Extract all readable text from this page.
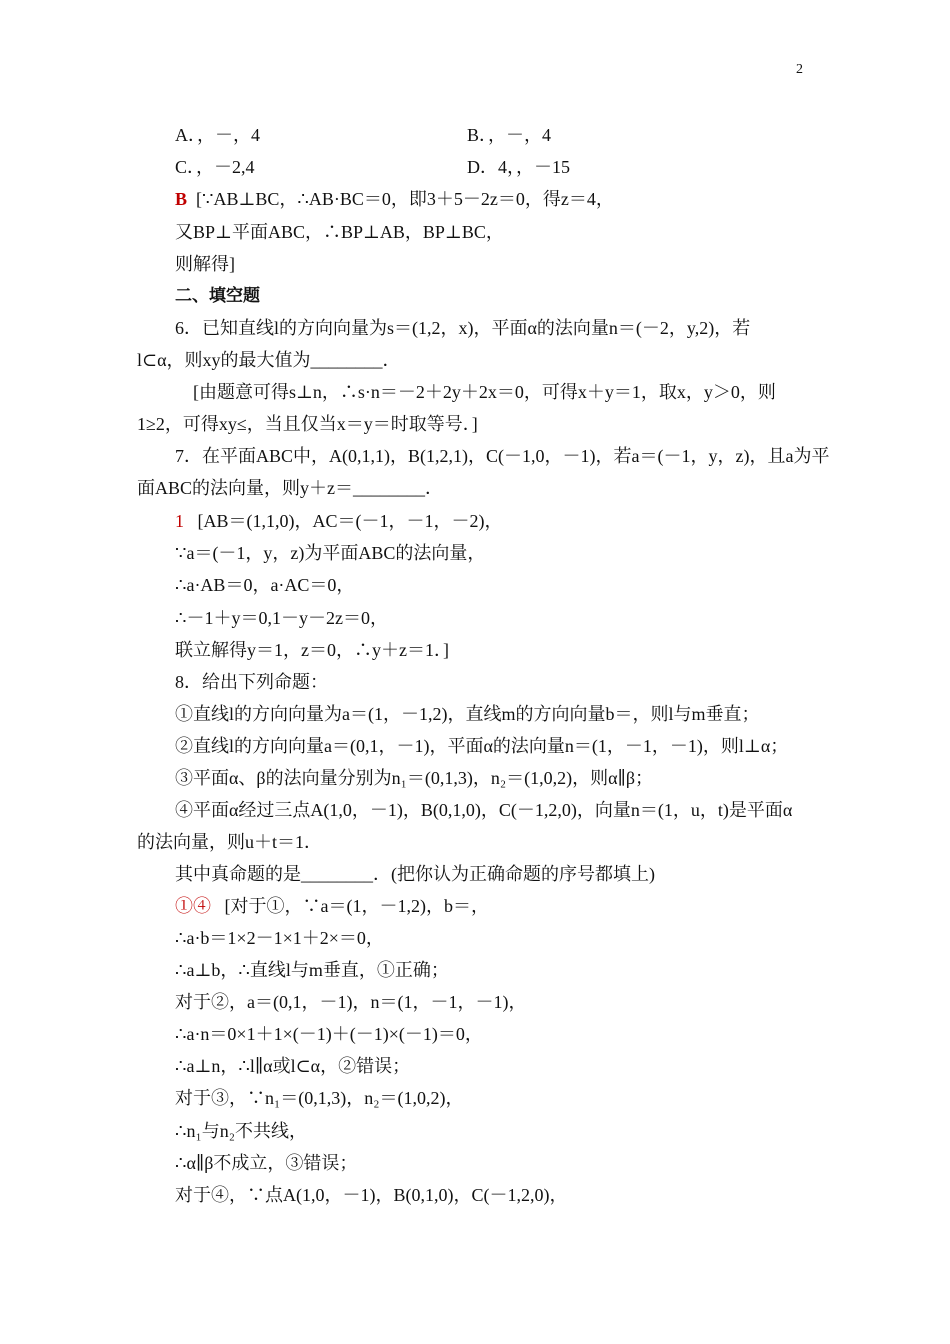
2
A．，－，4	B．，－，4
C．，－2,4	D．4，，－15
B [∵AB⊥BC，∴AB·BC＝0，即3＋5－2z＝0，得z＝4，
又BP⊥平面ABC，∴BP⊥AB，BP⊥BC，
则解得]
二、填空题
6．已知直线l的方向向量为s＝(1,2，x)，平面α的法向量n＝(－2，y,2)，若
l⊂α，则xy的最大值为________．
[由题意可得s⊥n，∴s·n＝－2＋2y＋2x＝0，可得x＋y＝1，取x，y＞0，则
1≥2，可得xy≤，当且仅当x＝y＝时取等号．]
7．在平面ABC中，A(0,1,1)，B(1,2,1)，C(－1,0，－1)，若a＝(－1，y，z)，且a为平
面ABC的法向量，则y＋z＝________．
1 [AB＝(1,1,0)，AC＝(－1，－1，－2)，
∵a＝(－1，y，z)为平面ABC的法向量，
∴a·AB＝0，a·AC＝0，
∴－1＋y＝0,1－y－2z＝0，
联立解得y＝1，z＝0，∴y＋z＝1．]
8．给出下列命题：
①直线l的方向向量为a＝(1，－1,2)，直线m的方向向量b＝，则l与m垂直；
②直线l的方向向量a＝(0,1，－1)，平面α的法向量n＝(1，－1，－1)，则l⊥α；
③平面α、β的法向量分别为n₁＝(0,1,3)，n₂＝(1,0,2)，则α∥β；
④平面α经过三点A(1,0，－1)，B(0,1,0)，C(－1,2,0)，向量n＝(1，u，t)是平面α
的法向量，则u＋t＝1．
其中真命题的是________．(把你认为正确命题的序号都填上)
①④ [对于①，∵a＝(1，－1,2)，b＝，
∴a·b＝1×2－1×1＋2×＝0，
∴a⊥b，∴直线l与m垂直，①正确；
对于②，a＝(0,1，－1)，n＝(1，－1，－1)，
∴a·n＝0×1＋1×(－1)＋(－1)×(－1)＝0，
∴a⊥n，∴l∥α或l⊂α，②错误；
对于③，∵n₁＝(0,1,3)，n₂＝(1,0,2)，
∴n₁与n₂不共线，
∴α∥β不成立，③错误；
对于④，∵点A(1,0，－1)，B(0,1,0)，C(－1,2,0)，
